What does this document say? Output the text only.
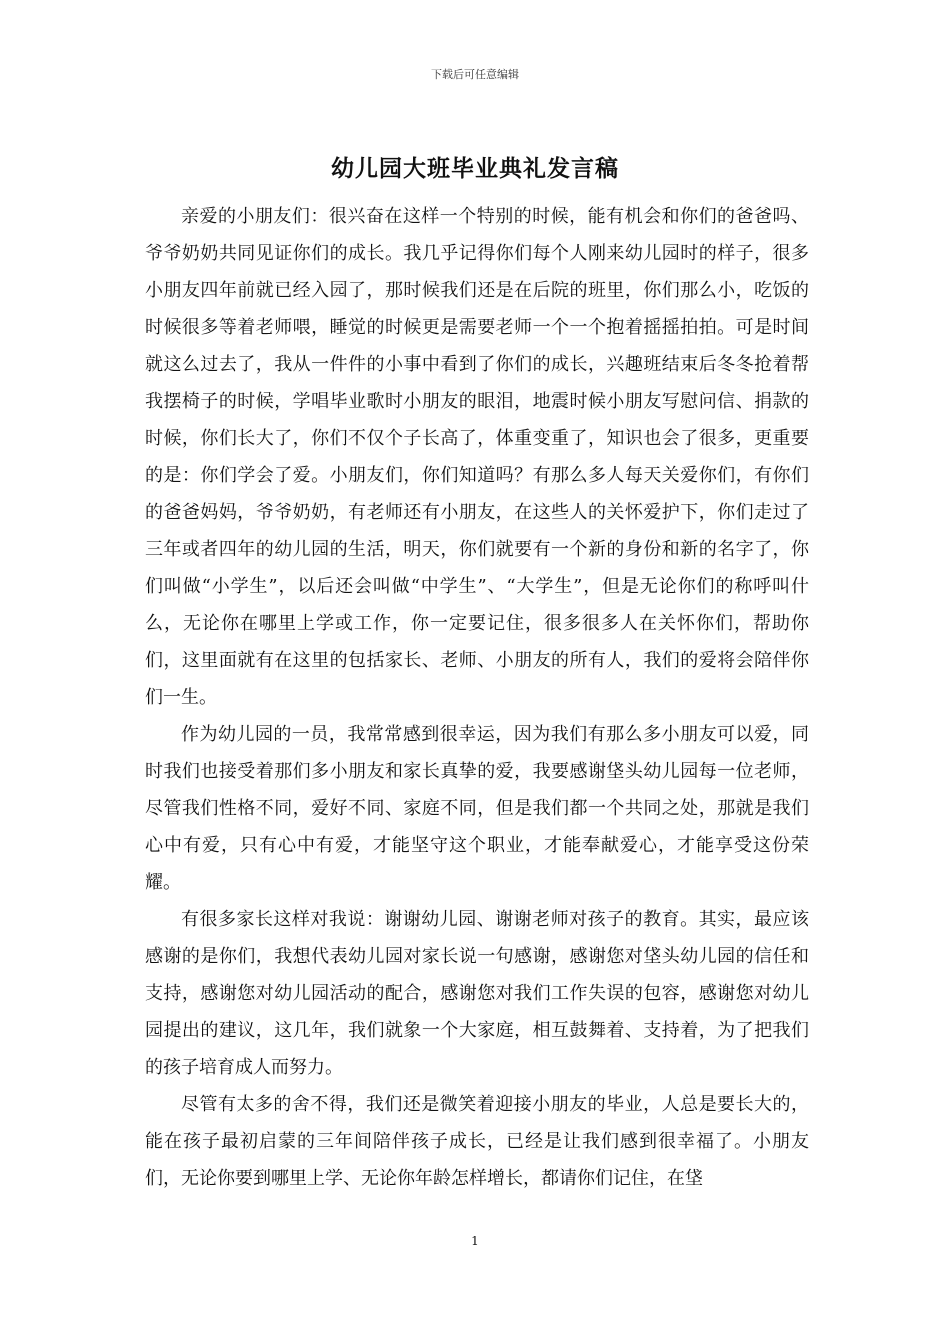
下载后可任意编辑
幼儿园大班毕业典礼发言稿

亲爱的小朋友们：很兴奋在这样一个特别的时候，能有机会和你们的爸爸吗、爷爷奶奶共同见证你们的成长。我几乎记得你们每个人刚来幼儿园时的样子，很多小朋友四年前就已经入园了，那时候我们还是在后院的班里，你们那么小，吃饭的时候很多等着老师喂，睡觉的时候更是需要老师一个一个抱着摇摇拍拍。可是时间就这么过去了，我从一件件的小事中看到了你们的成长，兴趣班结束后冬冬抢着帮我摆椅子的时候，学唱毕业歌时小朋友的眼泪，地震时候小朋友写慰问信、捐款的时候，你们长大了，你们不仅个子长高了，体重变重了，知识也会了很多，更重要的是：你们学会了爱。小朋友们，你们知道吗？有那么多人每天关爱你们，有你们的爸爸妈妈，爷爷奶奶，有老师还有小朋友，在这些人的关怀爱护下，你们走过了三年或者四年的幼儿园的生活，明天，你们就要有一个新的身份和新的名字了，你们叫做“小学生”，以后还会叫做“中学生”、“大学生”，但是无论你们的称呼叫什么，无论你在哪里上学或工作，你一定要记住，很多很多人在关怀你们，帮助你们，这里面就有在这里的包括家长、老师、小朋友的所有人，我们的爱将会陪伴你们一生。

作为幼儿园的一员，我常常感到很幸运，因为我们有那么多小朋友可以爱，同时我们也接受着那们多小朋友和家长真挚的爱，我要感谢垡头幼儿园每一位老师，尽管我们性格不同，爱好不同、家庭不同，但是我们都一个共同之处，那就是我们心中有爱，只有心中有爱，才能坚守这个职业，才能奉献爱心，才能享受这份荣耀。

有很多家长这样对我说：谢谢幼儿园、谢谢老师对孩子的教育。其实，最应该感谢的是你们，我想代表幼儿园对家长说一句感谢，感谢您对垡头幼儿园的信任和支持，感谢您对幼儿园活动的配合，感谢您对我们工作失误的包容，感谢您对幼儿园提出的建议，这几年，我们就象一个大家庭，相互鼓舞着、支持着，为了把我们的孩子培育成人而努力。

尽管有太多的舍不得，我们还是微笑着迎接小朋友的毕业，人总是要长大的，能在孩子最初启蒙的三年间陪伴孩子成长，已经是让我们感到很幸福了。小朋友们，无论你要到哪里上学、无论你年龄怎样增长，都请你们记住，在垡

1
